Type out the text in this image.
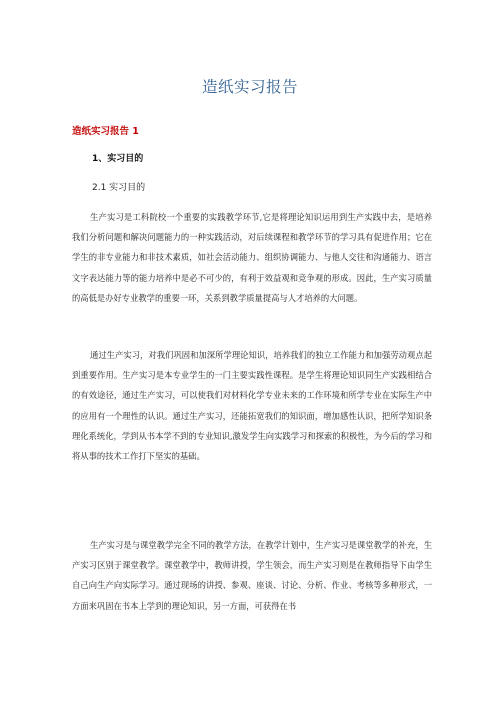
造纸实习报告
造纸实习报告 1
1、实习目的
2.1 实习目的

生产实习是工科院校一个重要的实践教学环节,它是将理论知识运用到生产实践中去，是培养我们分析问题和解决问题能力的一种实践活动，对后续课程和教学环节的学习具有促进作用；它在学生的非专业能力和非技术素质，如社会活动能力、组织协调能力、与他人交往和沟通能力、语言文字表达能力等的能力培养中是必不可少的，有利于效益观和竞争观的形成。因此，生产实习质量的高低是办好专业教学的重要一环，关系到教学质量提高与人才培养的大问题。

通过生产实习，对我们巩固和加深所学理论知识，培养我们的独立工作能力和加强劳动观点起到重要作用。生产实习是本专业学生的一门主要实践性课程。是学生将理论知识同生产实践相结合的有效途径，通过生产实习，可以使我们对材料化学专业未来的工作环境和所学专业在实际生产中的应用有一个理性的认识。通过生产实习，还能拓宽我们的知识面，增加感性认识，把所学知识条理化系统化，学到从书本学不到的专业知识,激发学生向实践学习和探索的积极性，为今后的学习和将从事的技术工作打下坚实的基础。

生产实习是与课堂教学完全不同的教学方法，在教学计划中，生产实习是课堂教学的补充，生产实习区别于课堂教学。课堂教学中，教师讲授，学生领会，而生产实习则是在教师指导下由学生自己向生产向实际学习。通过现场的讲授、参观、座谈、讨论、分析、作业、考核等多种形式，一方面来巩固在书本上学到的理论知识，另一方面，可获得在书
